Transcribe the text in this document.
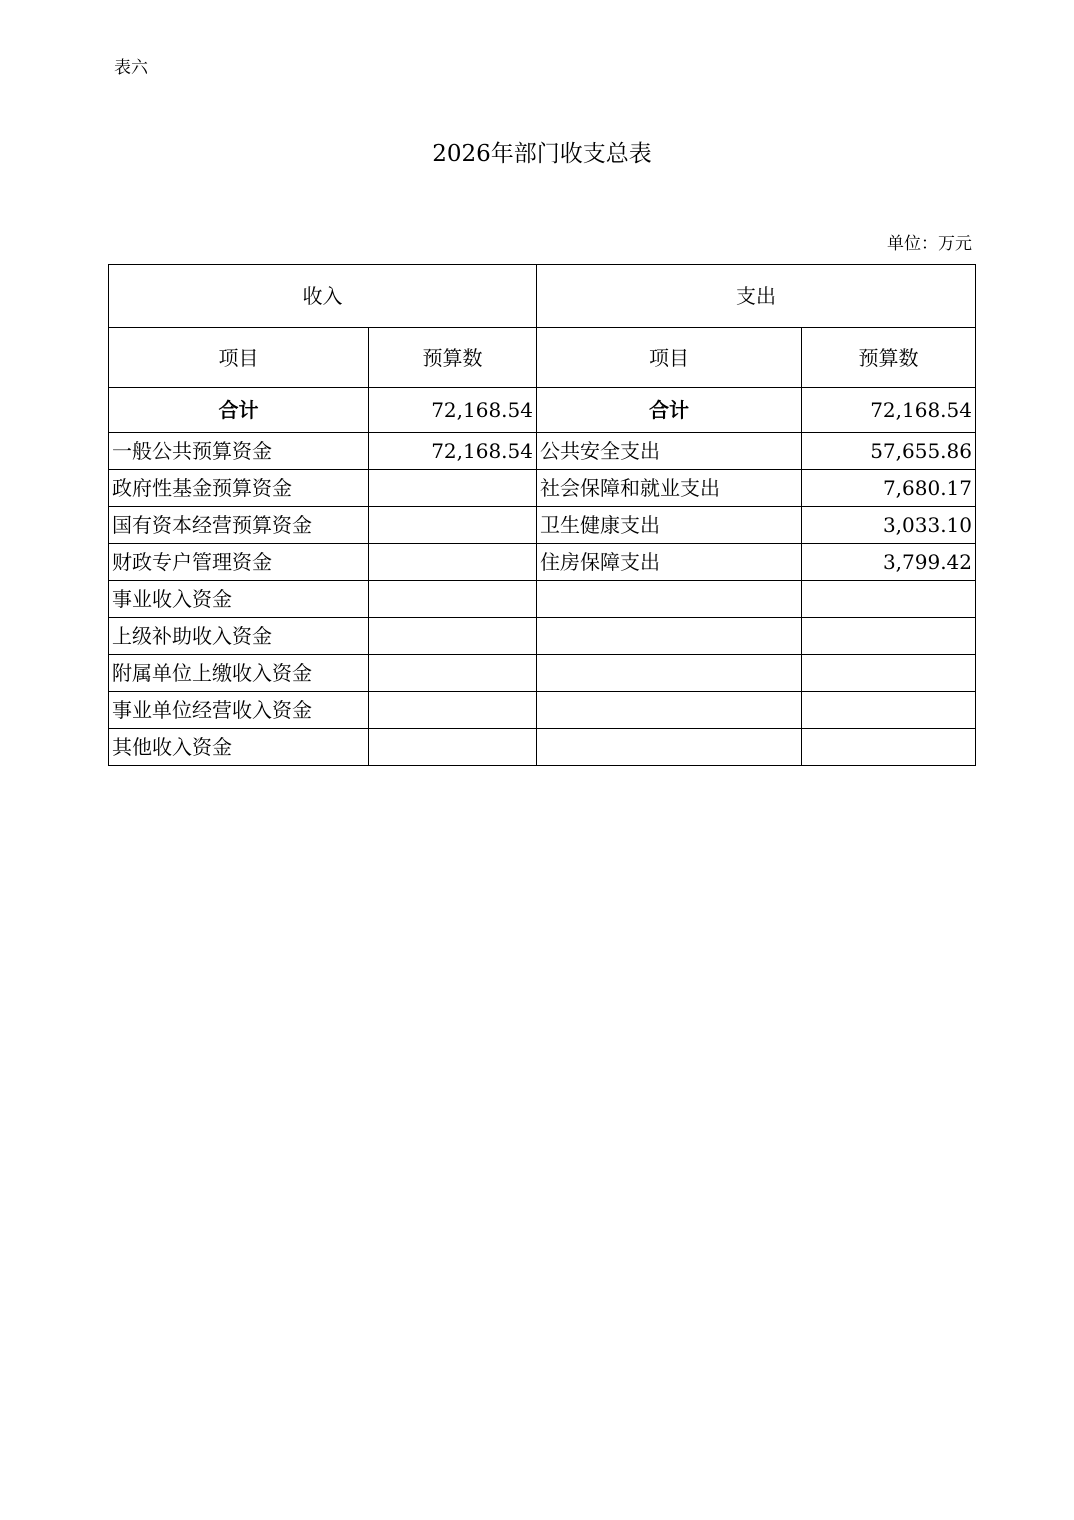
表六
2026年部门收支总表
单位：万元
收入		支出	
项目	预算数	项目	预算数
合计	72,168.54	合计	72,168.54
一般公共预算资金	72,168.54	公共安全支出	57,655.86
政府性基金预算资金		社会保障和就业支出	7,680.17
国有资本经营预算资金		卫生健康支出	3,033.10
财政专户管理资金		住房保障支出	3,799.42
事业收入资金			
上级补助收入资金			
附属单位上缴收入资金			
事业单位经营收入资金			
其他收入资金			
